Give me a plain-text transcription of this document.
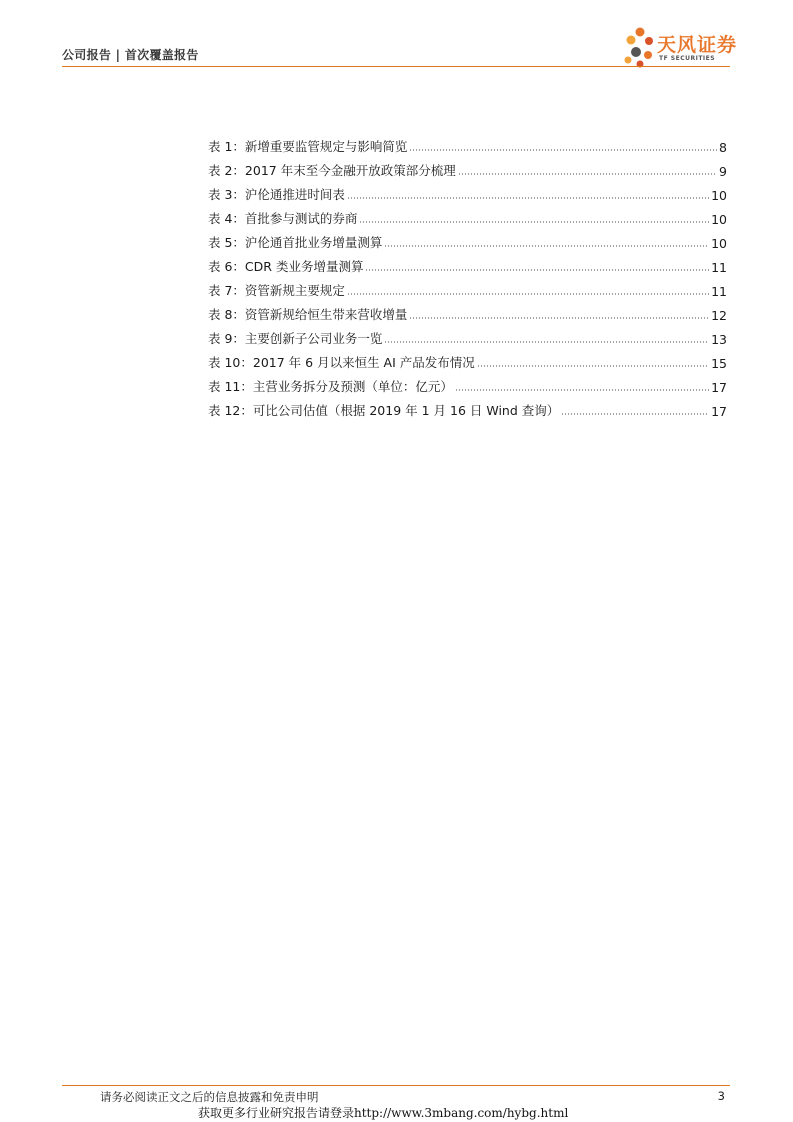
公司报告 | 首次覆盖报告	天风证券
TF SECURITIES
表 1：新增重要监管规定与影响简览	8
表 2：2017 年末至今金融开放政策部分梳理	9
表 3：沪伦通推进时间表	10
表 4：首批参与测试的券商	10
表 5：沪伦通首批业务增量测算	10
表 6：CDR 类业务增量测算	11
表 7：资管新规主要规定	11
表 8：资管新规给恒生带来营收增量	12
表 9：主要创新子公司业务一览	13
表 10：2017 年 6 月以来恒生 AI 产品发布情况	15
表 11：主营业务拆分及预测（单位：亿元）	17
表 12：可比公司估值（根据 2019 年 1 月 16 日 Wind 查询）	17
请务必阅读正文之后的信息披露和免责申明	3
获取更多行业研究报告请登录http://www.3mbang.com/hybg.html
